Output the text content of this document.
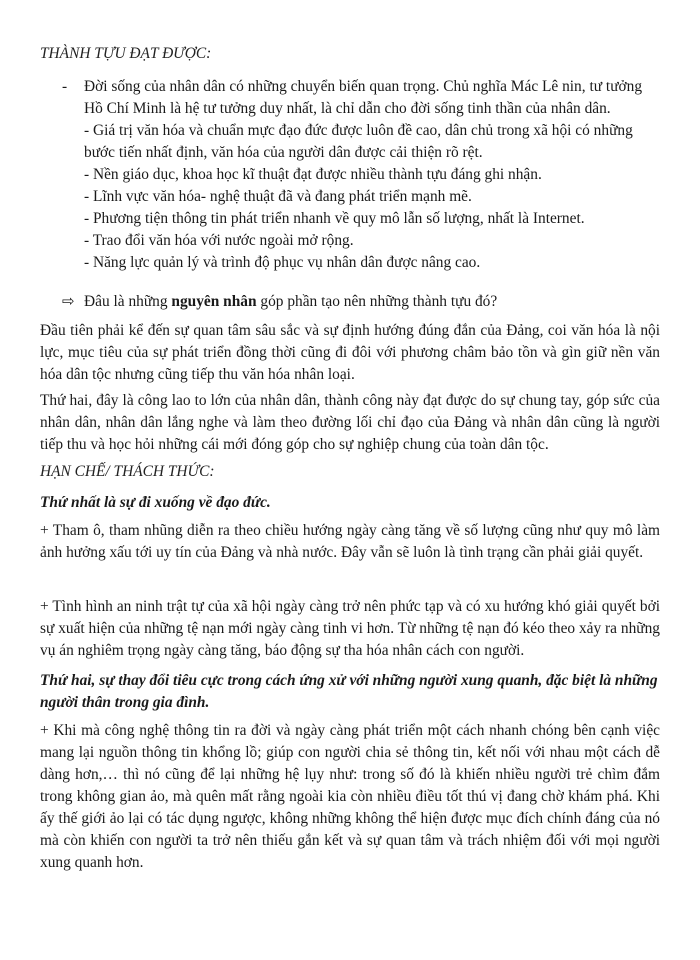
THÀNH TỰU ĐẠT ĐƯỢC:

- Đời sống của nhân dân có những chuyển biến quan trọng. Chủ nghĩa Mác Lê nin, tư tưởng Hồ Chí Minh là hệ tư tưởng duy nhất, là chỉ dẫn cho đời sống tinh thần của nhân dân.

- Giá trị văn hóa và chuẩn mực đạo đức được luôn đề cao, dân chủ trong xã hội có những bước tiến nhất định, văn hóa của người dân được cải thiện rõ rệt.

- Nền giáo dục, khoa học kĩ thuật đạt được nhiều thành tựu đáng ghi nhận.

- Lĩnh vực văn hóa- nghệ thuật đã và đang phát triển mạnh mẽ.

- Phương tiện thông tin phát triển nhanh về quy mô lẫn số lượng, nhất là Internet.

- Trao đổi văn hóa với nước ngoài mở rộng.

- Năng lực quản lý và trình độ phục vụ nhân dân được nâng cao.

⇨ Đâu là những nguyên nhân góp phần tạo nên những thành tựu đó?

Đầu tiên phải kể đến sự quan tâm sâu sắc và sự định hướng đúng đắn của Đảng, coi văn hóa là nội lực, mục tiêu của sự phát triển đồng thời cũng đi đôi với phương châm bảo tồn và gìn giữ nền văn hóa dân tộc nhưng cũng tiếp thu văn hóa nhân loại.

Thứ hai, đây là công lao to lớn của nhân dân, thành công này đạt được do sự chung tay, góp sức của nhân dân, nhân dân lắng nghe và làm theo đường lối chỉ đạo của Đảng và nhân dân cũng là người tiếp thu và học hỏi những cái mới đóng góp cho sự nghiệp chung của toàn dân tộc.

HẠN CHẾ/ THÁCH THỨC:

Thứ nhất là sự đi xuống về đạo đức.

+ Tham ô, tham nhũng diễn ra theo chiều hướng ngày càng tăng về số lượng cũng như quy mô làm ảnh hưởng xấu tới uy tín của Đảng và nhà nước. Đây vẫn sẽ luôn là tình trạng cần phải giải quyết.

+ Tình hình an ninh trật tự của xã hội ngày càng trở nên phức tạp và có xu hướng khó giải quyết bởi sự xuất hiện của những tệ nạn mới ngày càng tinh vi hơn. Từ những tệ nạn đó kéo theo xảy ra những vụ án nghiêm trọng ngày càng tăng, báo động sự tha hóa nhân cách con người.

Thứ hai, sự thay đổi tiêu cực trong cách ứng xử với những người xung quanh, đặc biệt là những người thân trong gia đình.

+ Khi mà công nghệ thông tin ra đời và ngày càng phát triển một cách nhanh chóng bên cạnh việc mang lại nguồn thông tin khổng lồ; giúp con người chia sẻ thông tin, kết nối với nhau một cách dễ dàng hơn,… thì nó cũng để lại những hệ lụy như: trong số đó là khiến nhiều người trẻ chìm đắm trong không gian ảo, mà quên mất rằng ngoài kia còn nhiều điều tốt thú vị đang chờ khám phá. Khi ấy thế giới ảo lại có tác dụng ngược, không những không thể hiện được mục đích chính đáng của nó mà còn khiến con người ta trở nên thiếu gắn kết và sự quan tâm và trách nhiệm đối với mọi người xung quanh hơn.
